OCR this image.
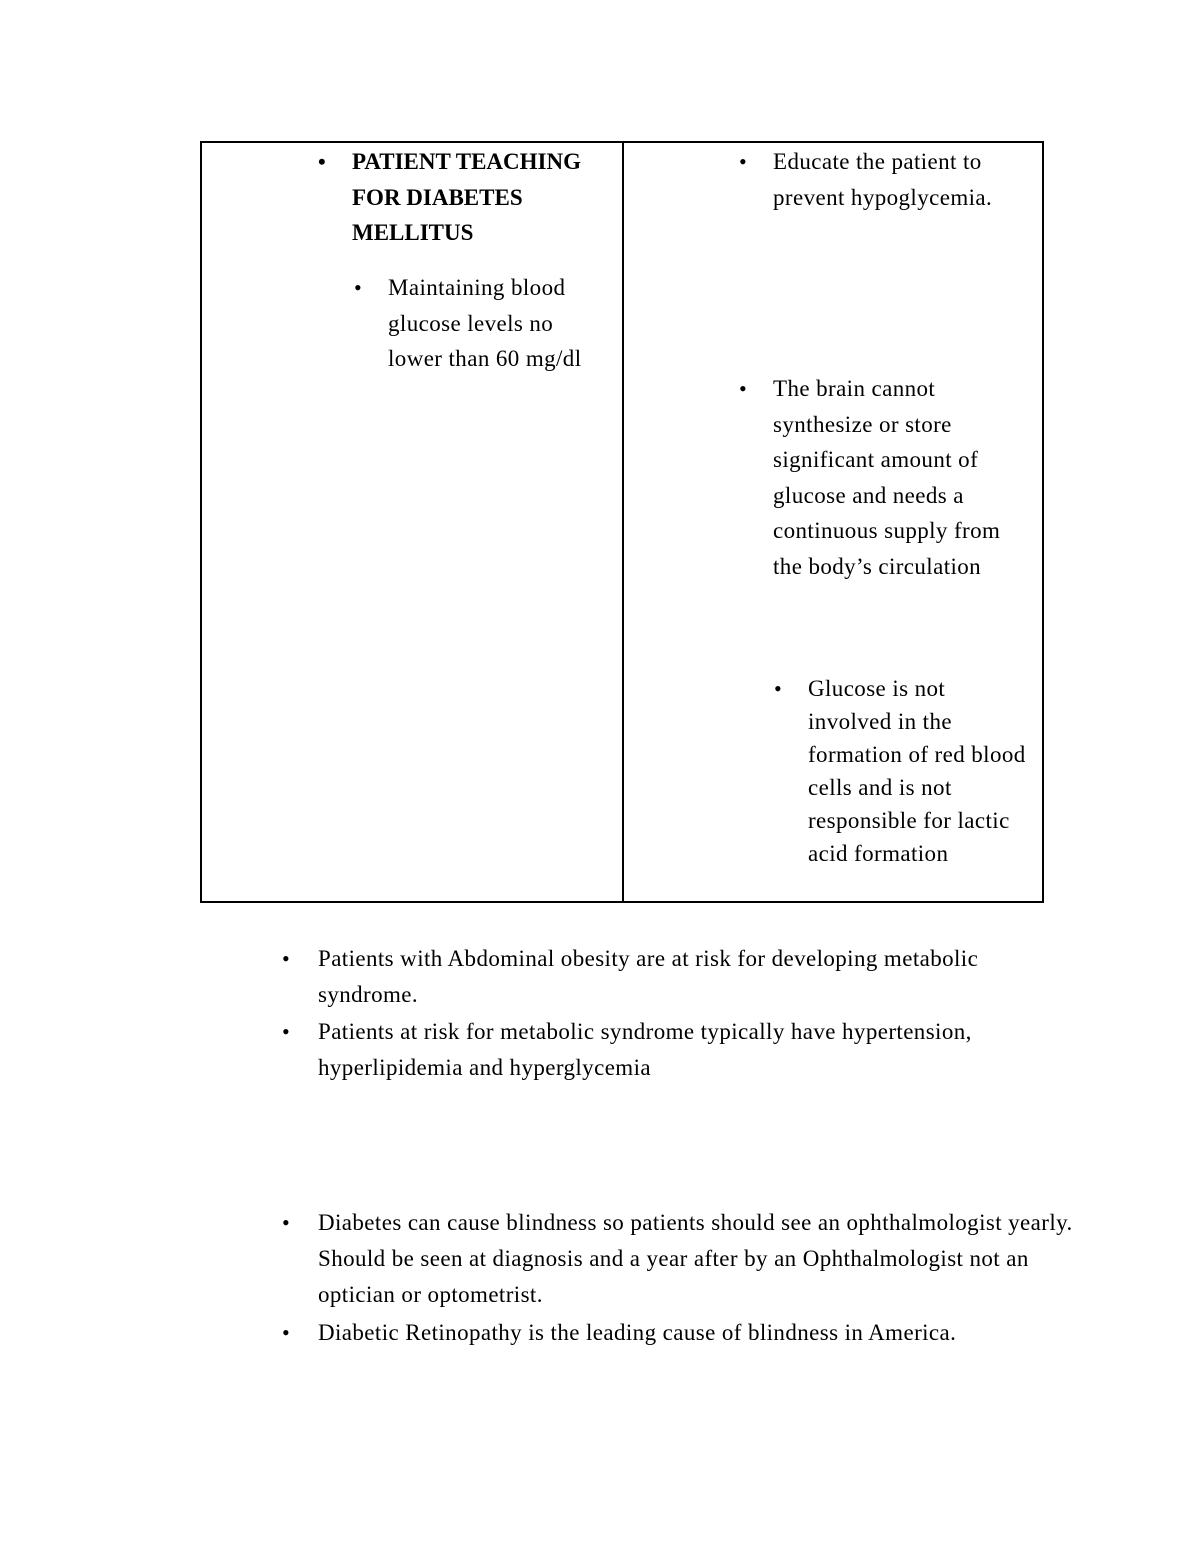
• PATIENT TEACHING FOR DIABETES MELLITUS
• Maintaining blood glucose levels no lower than 60 mg/dl
• Educate the patient to prevent hypoglycemia.
• The brain cannot synthesize or store significant amount of glucose and needs a continuous supply from the body’s circulation
• Glucose is not involved in the formation of red blood cells and is not responsible for lactic acid formation
• Patients with Abdominal obesity are at risk for developing metabolic syndrome.
• Patients at risk for metabolic syndrome typically have hypertension, hyperlipidemia and hyperglycemia
• Diabetes can cause blindness so patients should see an ophthalmologist yearly. Should be seen at diagnosis and a year after by an Ophthalmologist not an optician or optometrist.
• Diabetic Retinopathy is the leading cause of blindness in America.
